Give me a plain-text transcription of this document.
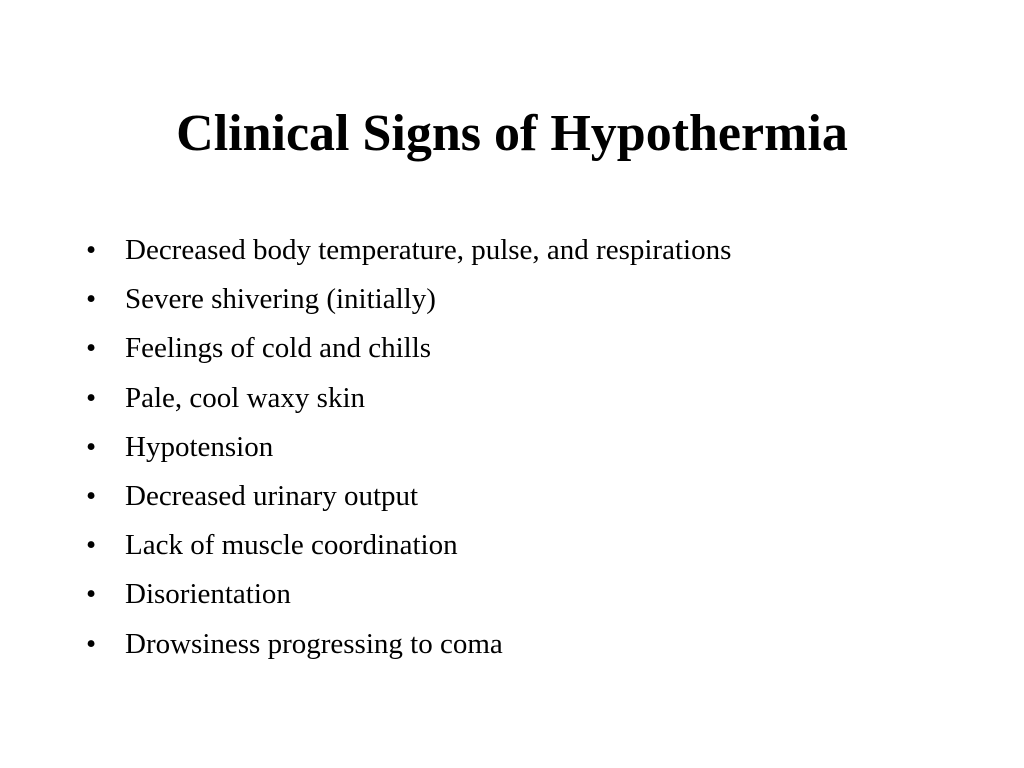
Clinical Signs of Hypothermia
• Decreased body temperature, pulse, and respirations
• Severe shivering (initially)
• Feelings of cold and chills
• Pale, cool waxy skin
• Hypotension
• Decreased urinary output
• Lack of muscle coordination
• Disorientation
• Drowsiness progressing to coma
